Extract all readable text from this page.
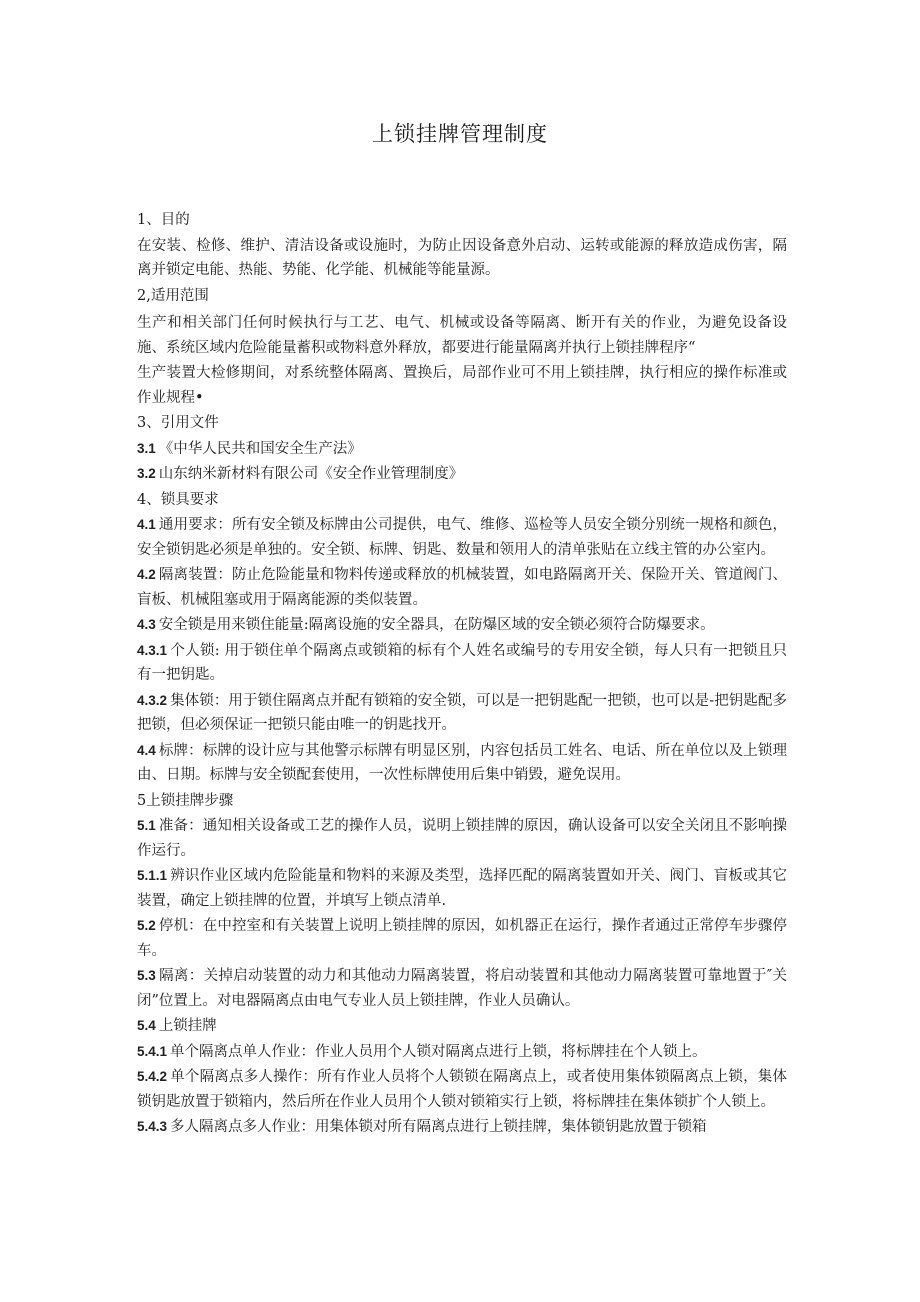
上锁挂牌管理制度

1、目的

在安装、检修、维护、清洁设备或设施时，为防止因设备意外启动、运转或能源的释放造成伤害，隔离并锁定电能、热能、势能、化学能、机械能等能量源。

2,适用范围

生产和相关部门任何时候执行与工艺、电气、机械或设备等隔离、断开有关的作业，为避免设备设施、系统区域内危险能量蓄积或物料意外释放，都要进行能量隔离并执行上锁挂牌程序“

生产装置大检修期间，对系统整体隔离、置换后，局部作业可不用上锁挂牌，执行相应的操作标准或作业规程•

3、引用文件

3.1 《中华人民共和国安全生产法》

3.2 山东纳米新材料有限公司《安全作业管理制度》

4、锁具要求

4.1 通用要求：所有安全锁及标牌由公司提供，电气、维修、巡检等人员安全锁分别统一规格和颜色，安全锁钥匙必须是单独的。安全锁、标牌、钥匙、数量和领用人的清单张贴在立线主管的办公室内。

4.2 隔离装置：防止危险能量和物料传递或释放的机械装置，如电路隔离开关、保险开关、管道阀门、盲板、机械阻塞或用于隔离能源的类似装置。

4.3 安全锁是用来锁住能量:隔离设施的安全器具，在防爆区域的安全锁必须符合防爆要求。

4.3.1 个人锁: 用于锁住单个隔离点或锁箱的标有个人姓名或编号的专用安全锁，每人只有一把锁且只有一把钥匙。

4.3.2 集体锁：用于锁住隔离点并配有锁箱的安全锁，可以是一把钥匙配一把锁，也可以是-把钥匙配多把锁，但必须保证一把锁只能由唯一的钥匙找开。

4.4 标牌：标牌的设计应与其他警示标牌有明显区别，内容包括员工姓名、电话、所在单位以及上锁理由、日期。标牌与安全锁配套使用，一次性标牌使用后集中销毁，避免误用。

5上锁挂牌步骤

5.1 准备：通知相关设备或工艺的操作人员，说明上锁挂牌的原因，确认设备可以安全关闭且不影响操作运行。

5.1.1 辨识作业区域内危险能量和物料的来源及类型，选择匹配的隔离装置如开关、阀门、盲板或其它装置，确定上锁挂牌的位置，并填写上锁点清单.

5.2 停机：在中控室和有关装置上说明上锁挂牌的原因，如机器正在运行，操作者通过正常停车步骤停车。

5.3 隔离：关掉启动装置的动力和其他动力隔离装置，将启动装置和其他动力隔离装置可靠地置于″关闭”位置上。对电器隔离点由电气专业人员上锁挂牌，作业人员确认。

5.4 上锁挂牌

5.4.1 单个隔离点单人作业：作业人员用个人锁对隔离点进行上锁，将标牌挂在个人锁上。

5.4.2 单个隔离点多人操作：所有作业人员将个人锁锁在隔离点上，或者使用集体锁隔离点上锁，集体锁钥匙放置于锁箱内，然后所在作业人员用个人锁对锁箱实行上锁，将标牌挂在集体锁扩个人锁上。

5.4.3 多人隔离点多人作业：用集体锁对所有隔离点进行上锁挂牌，集体锁钥匙放置于锁箱
